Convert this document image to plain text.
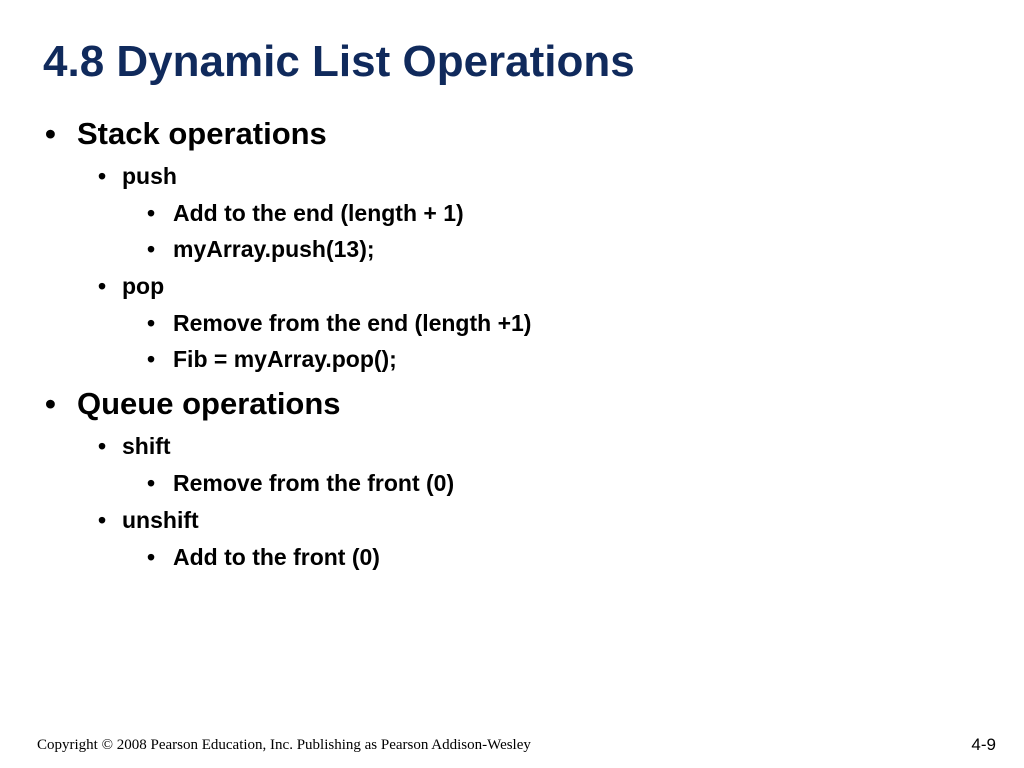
4.8 Dynamic List Operations
• Stack operations
• push
• Add to the end (length + 1)
• myArray.push(13);
• pop
• Remove from the end (length +1)
• Fib = myArray.pop();
• Queue operations
• shift
• Remove from the front (0)
• unshift
• Add to the front (0)
Copyright © 2008 Pearson Education, Inc. Publishing as Pearson Addison-Wesley	4-9
